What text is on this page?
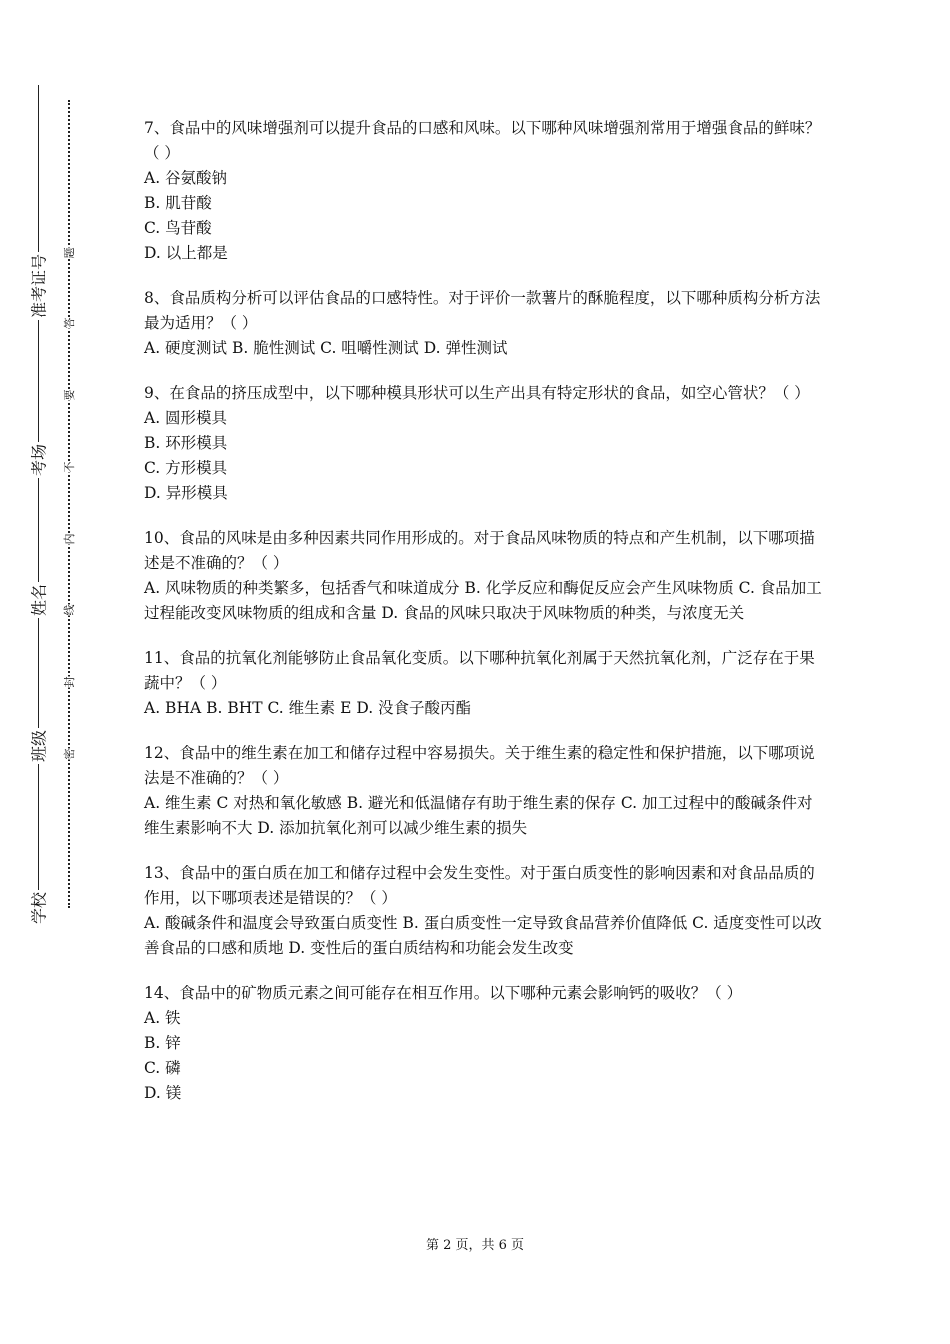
准考证号
考场
姓名
班级
学校
题
答
要
不
内
线
封
密

7、食品中的风味增强剂可以提升食品的口感和风味。以下哪种风味增强剂常用于增强食品的鲜味？（ ）

A. 谷氨酸钠

B. 肌苷酸

C. 鸟苷酸

D. 以上都是

8、食品质构分析可以评估食品的口感特性。对于评价一款薯片的酥脆程度，以下哪种质构分析方法最为适用？（ ）

A. 硬度测试 B. 脆性测试 C. 咀嚼性测试 D. 弹性测试

9、在食品的挤压成型中，以下哪种模具形状可以生产出具有特定形状的食品，如空心管状？（ ）

A. 圆形模具

B. 环形模具

C. 方形模具

D. 异形模具

10、食品的风味是由多种因素共同作用形成的。对于食品风味物质的特点和产生机制，以下哪项描述是不准确的？（ ）

A. 风味物质的种类繁多，包括香气和味道成分 B. 化学反应和酶促反应会产生风味物质 C. 食品加工过程能改变风味物质的组成和含量 D. 食品的风味只取决于风味物质的种类，与浓度无关

11、食品的抗氧化剂能够防止食品氧化变质。以下哪种抗氧化剂属于天然抗氧化剂，广泛存在于果蔬中？（ ）

A. BHA B. BHT C. 维生素 E D. 没食子酸丙酯

12、食品中的维生素在加工和储存过程中容易损失。关于维生素的稳定性和保护措施，以下哪项说法是不准确的？（ ）

A. 维生素 C 对热和氧化敏感 B. 避光和低温储存有助于维生素的保存 C. 加工过程中的酸碱条件对维生素影响不大 D. 添加抗氧化剂可以减少维生素的损失

13、食品中的蛋白质在加工和储存过程中会发生变性。对于蛋白质变性的影响因素和对食品品质的作用，以下哪项表述是错误的？（ ）

A. 酸碱条件和温度会导致蛋白质变性 B. 蛋白质变性一定导致食品营养价值降低 C. 适度变性可以改善食品的口感和质地 D. 变性后的蛋白质结构和功能会发生改变

14、食品中的矿物质元素之间可能存在相互作用。以下哪种元素会影响钙的吸收？（ ）

A. 铁

B. 锌

C. 磷

D. 镁

第 2 页，共 6 页
